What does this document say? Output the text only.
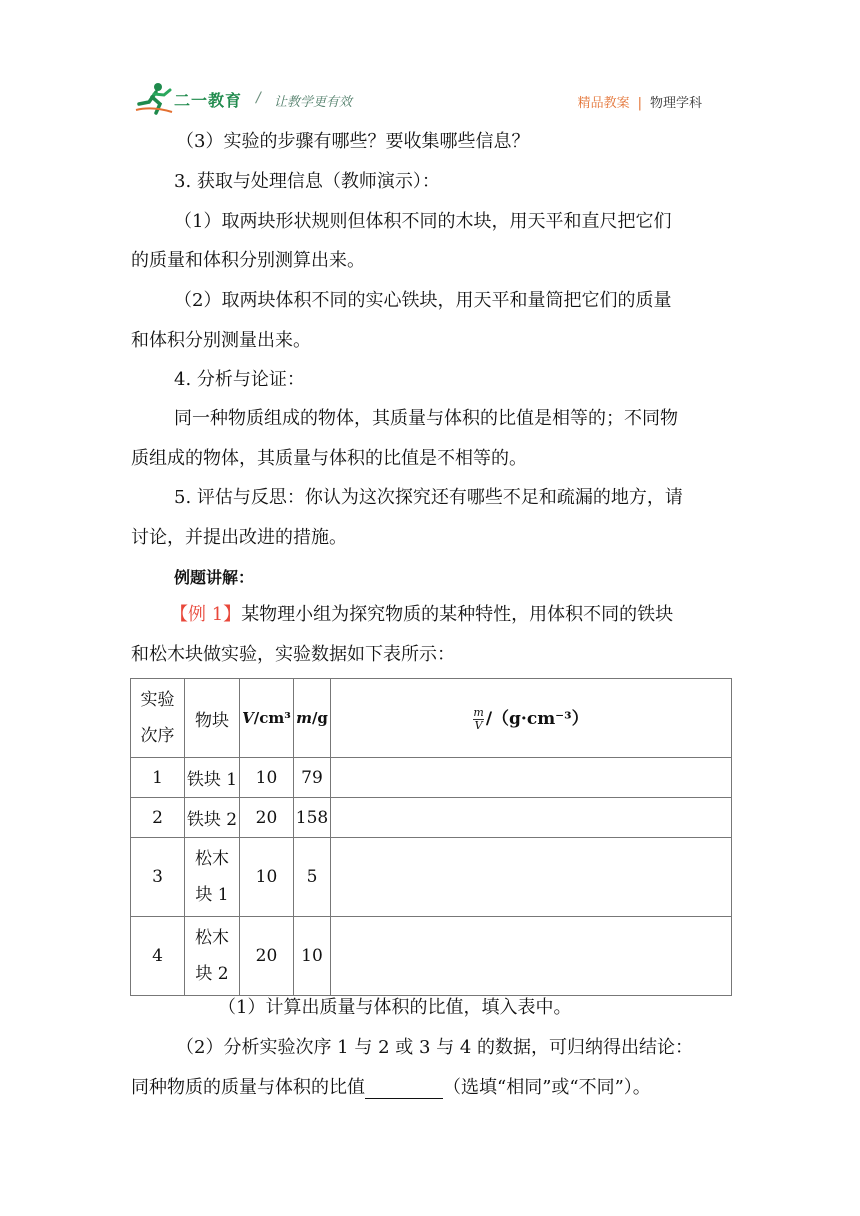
二一教育 / 让教学更有效	精品教案 | 物理学科
（3）实验的步骤有哪些？要收集哪些信息？
3. 获取与处理信息（教师演示）：
（1）取两块形状规则但体积不同的木块，用天平和直尺把它们
的质量和体积分别测算出来。
（2）取两块体积不同的实心铁块，用天平和量筒把它们的质量
和体积分别测量出来。
4. 分析与论证：
同一种物质组成的物体，其质量与体积的比值是相等的；不同物
质组成的物体，其质量与体积的比值是不相等的。
5. 评估与反思：你认为这次探究还有哪些不足和疏漏的地方，请
讨论，并提出改进的措施。
例题讲解：
【例 1】某物理小组为探究物质的某种特性，用体积不同的铁块
和松木块做实验，实验数据如下表所示：
实验
次序	物块	V/cm³	m/g	$\frac{m}{V} /(g\cdot cm^{-3})$
1	铁块 1	10	79	
2	铁块 2	20	158	
3	松木
块 1	10	5	
4	松木
块 2	20	10	
（1）计算出质量与体积的比值，填入表中。
（2）分析实验次序 1 与 2 或 3 与 4 的数据，可归纳得出结论：
同种物质的质量与体积的比值	（选填“相同”或“不同”）。
